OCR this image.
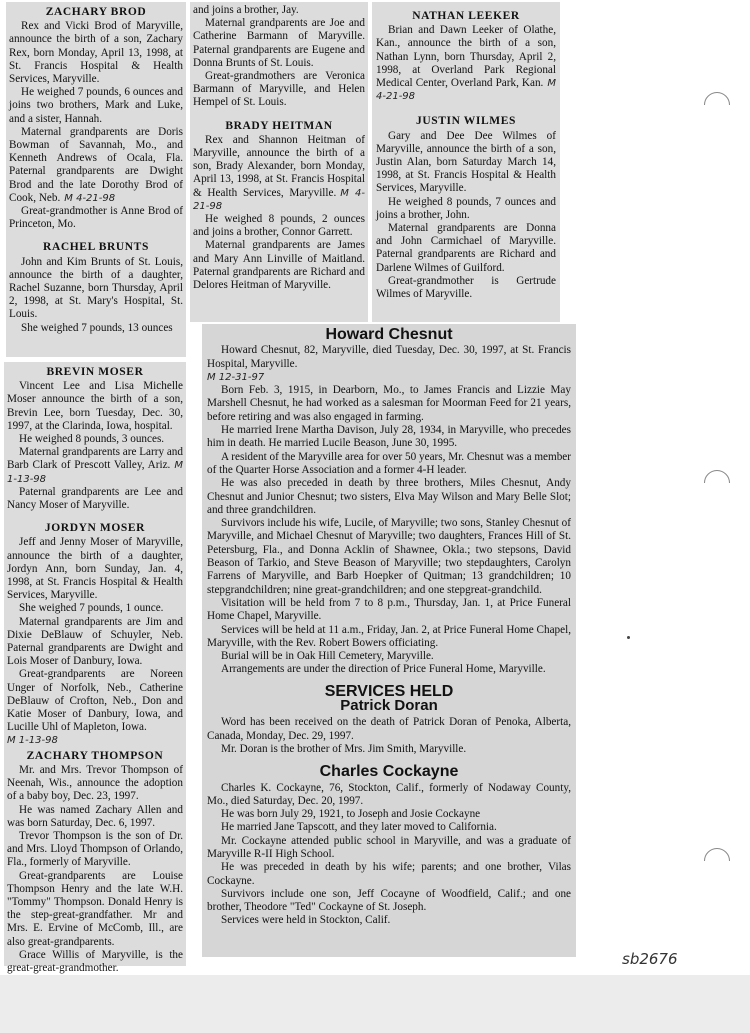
ZACHARY BROD

Rex and Vicki Brod of Maryville, announce the birth of a son, Zachary Rex, born Monday, April 13, 1998, at St. Francis Hospital & Health Services, Maryville.

He weighed 7 pounds, 6 ounces and joins two brothers, Mark and Luke, and a sister, Hannah.

Maternal grandparents are Doris Bowman of Savannah, Mo., and Kenneth Andrews of Ocala, Fla. Paternal grandparents are Dwight Brod and the late Dorothy Brod of Cook, Neb. M 4-21-98

Great-grandmother is Anne Brod of Princeton, Mo.

RACHEL BRUNTS

John and Kim Brunts of St. Louis, announce the birth of a daughter, Rachel Suzanne, born Thursday, April 2, 1998, at St. Mary's Hospital, St. Louis.

She weighed 7 pounds, 13 ounces

and joins a brother, Jay.

Maternal grandparents are Joe and Catherine Barmann of Maryville. Paternal grandparents are Eugene and Donna Brunts of St. Louis.

Great-grandmothers are Veronica Barmann of Maryville, and Helen Hempel of St. Louis.

BRADY HEITMAN

Rex and Shannon Heitman of Maryville, announce the birth of a son, Brady Alexander, born Monday, April 13, 1998, at St. Francis Hospital & Health Services, Maryville. M 4-21-98

He weighed 8 pounds, 2 ounces and joins a brother, Connor Garrett.

Maternal grandparents are James and Mary Ann Linville of Maitland. Paternal grandparents are Richard and Delores Heitman of Maryville.

NATHAN LEEKER

Brian and Dawn Leeker of Olathe, Kan., announce the birth of a son, Nathan Lynn, born Thursday, April 2, 1998, at Overland Park Regional Medical Center, Overland Park, Kan. M 4-21-98

JUSTIN WILMES

Gary and Dee Dee Wilmes of Maryville, announce the birth of a son, Justin Alan, born Saturday March 14, 1998, at St. Francis Hospital & Health Services, Maryville.

He weighed 8 pounds, 7 ounces and joins a brother, John.

Maternal grandparents are Donna and John Carmichael of Maryville. Paternal grandparents are Richard and Darlene Wilmes of Guilford.

Great-grandmother is Gertrude Wilmes of Maryville.

BREVIN MOSER

Vincent Lee and Lisa Michelle Moser announce the birth of a son, Brevin Lee, born Tuesday, Dec. 30, 1997, at the Clarinda, Iowa, hospital.

He weighed 8 pounds, 3 ounces.

Maternal grandparents are Larry and Barb Clark of Prescott Valley, Ariz. M 1-13-98

Paternal grandparents are Lee and Nancy Moser of Maryville.

JORDYN MOSER

Jeff and Jenny Moser of Maryville, announce the birth of a daughter, Jordyn Ann, born Sunday, Jan. 4, 1998, at St. Francis Hospital & Health Services, Maryville.

She weighed 7 pounds, 1 ounce.

Maternal grandparents are Jim and Dixie DeBlauw of Schuyler, Neb. Paternal grandparents are Dwight and Lois Moser of Danbury, Iowa.

Great-grandparents are Noreen Unger of Norfolk, Neb., Catherine DeBlauw of Crofton, Neb., Don and Katie Moser of Danbury, Iowa, and Lucille Uhl of Mapleton, Iowa.

M 1-13-98

ZACHARY THOMPSON

Mr. and Mrs. Trevor Thompson of Neenah, Wis., announce the adoption of a baby boy, Dec. 23, 1997.

He was named Zachary Allen and was born Saturday, Dec. 6, 1997.

Trevor Thompson is the son of Dr. and Mrs. Lloyd Thompson of Orlando, Fla., formerly of Maryville.

Great-grandparents are Louise Thompson Henry and the late W.H. "Tommy" Thompson. Donald Henry is the step-great-grandfather. Mr and Mrs. E. Ervine of McComb, Ill., are also great-grandparents.

Grace Willis of Maryville, is the great-great-grandmother.

Howard Chesnut

Howard Chesnut, 82, Maryville, died Tuesday, Dec. 30, 1997, at St. Francis Hospital, Maryville.

M 12-31-97

Born Feb. 3, 1915, in Dearborn, Mo., to James Francis and Lizzie May Marshell Chesnut, he had worked as a salesman for Moorman Feed for 21 years, before retiring and was also engaged in farming.

He married Irene Martha Davison, July 28, 1934, in Maryville, who precedes him in death. He married Lucile Beason, June 30, 1995.

A resident of the Maryville area for over 50 years, Mr. Chesnut was a member of the Quarter Horse Association and a former 4-H leader.

He was also preceded in death by three brothers, Miles Chesnut, Andy Chesnut and Junior Chesnut; two sisters, Elva May Wilson and Mary Belle Slot; and three grandchildren.

Survivors include his wife, Lucile, of Maryville; two sons, Stanley Chesnut of Maryville, and Michael Chesnut of Maryville; two daughters, Frances Hill of St. Petersburg, Fla., and Donna Acklin of Shawnee, Okla.; two stepsons, David Beason of Tarkio, and Steve Beason of Maryville; two stepdaughters, Carolyn Farrens of Maryville, and Barb Hoepker of Quitman; 13 grandchildren; 10 stepgrandchildren; nine great-grandchildren; and one stepgreat-grandchild.

Visitation will be held from 7 to 8 p.m., Thursday, Jan. 1, at Price Funeral Home Chapel, Maryville.

Services will be held at 11 a.m., Friday, Jan. 2, at Price Funeral Home Chapel, Maryville, with the Rev. Robert Bowers officiating.

Burial will be in Oak Hill Cemetery, Maryville.

Arrangements are under the direction of Price Funeral Home, Maryville.

SERVICES HELD
Patrick Doran

Word has been received on the death of Patrick Doran of Penoka, Alberta, Canada, Monday, Dec. 29, 1997.

Mr. Doran is the brother of Mrs. Jim Smith, Maryville.

Charles Cockayne

Charles K. Cockayne, 76, Stockton, Calif., formerly of Nodaway County, Mo., died Saturday, Dec. 20, 1997.

He was born July 29, 1921, to Joseph and Josie Cockayne

He married Jane Tapscott, and they later moved to California.

Mr. Cockayne attended public school in Maryville, and was a graduate of Maryville R-II High School.

He was preceded in death by his wife; parents; and one brother, Vilas Cockayne.

Survivors include one son, Jeff Cocayne of Woodfield, Calif.; and one brother, Theodore "Ted" Cockayne of St. Joseph.

Services were held in Stockton, Calif.

sb2676
